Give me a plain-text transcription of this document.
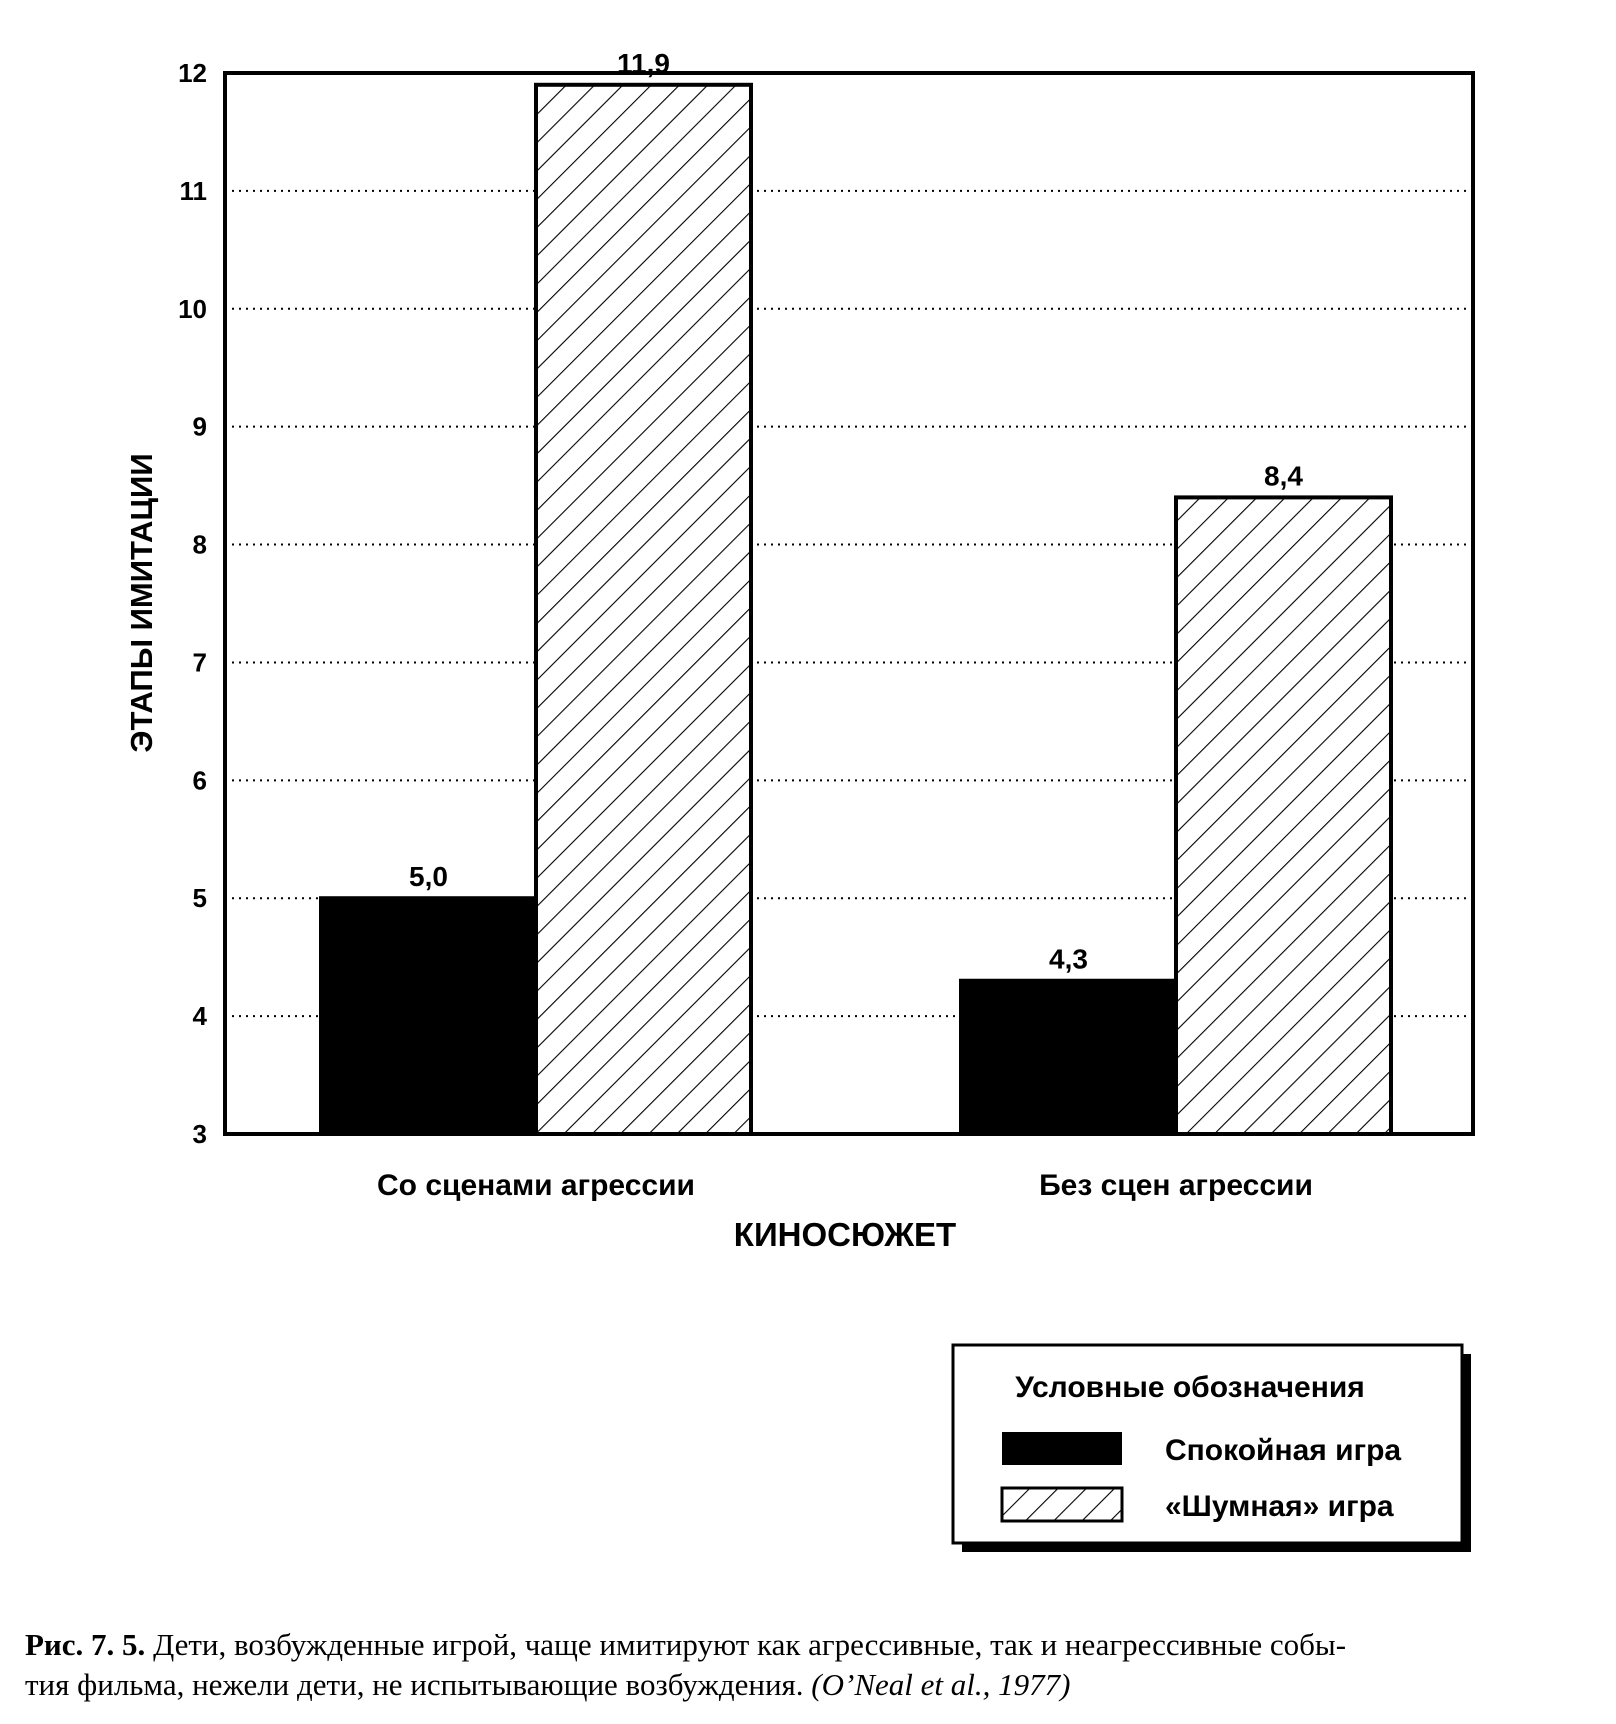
3
4
5
6
7
8
9
10
11
12
5,0
11,9
4,3
8,4
Со сценами агрессии	Без сцен агрессии
ЭТАПЫ ИМИТАЦИИ
КИНОСЮЖЕТ
Условные обозначения
Спокойная игра
«Шумная» игра
Рис. 7. 5. Дети, возбужденные игрой, чаще имитируют как агрессивные, так и неагрессивные собы-
тия фильма, нежели дети, не испытывающие возбуждения. (O’Neal et al., 1977)
